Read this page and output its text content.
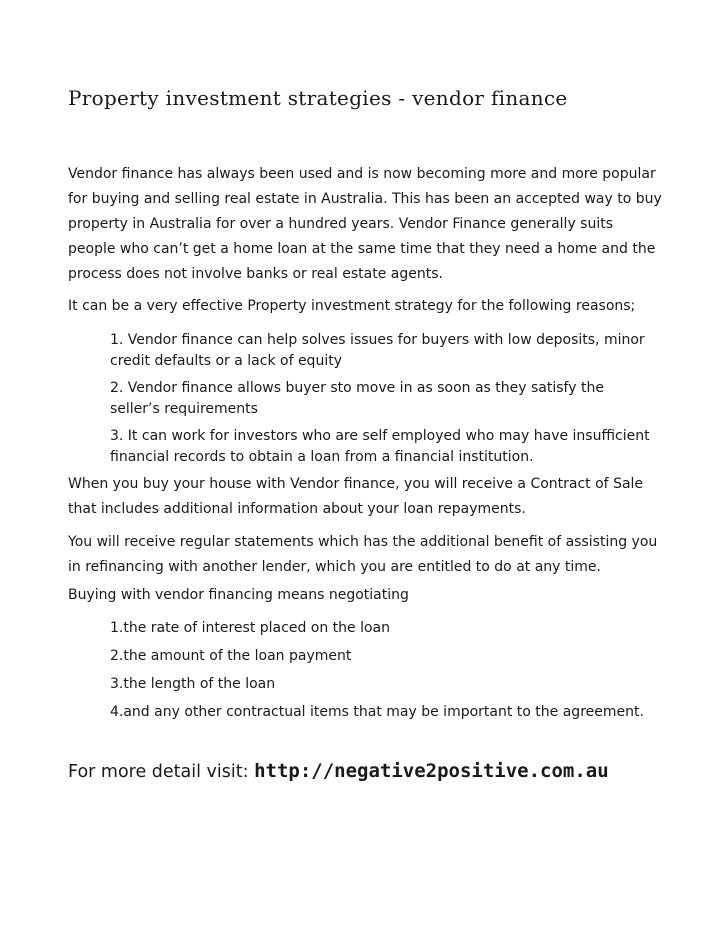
Property investment strategies - vendor finance

Vendor finance has always been used and is now becoming more and more popular for buying and selling real estate in Australia. This has been an accepted way to buy property in Australia for over a hundred years. Vendor Finance generally suits people who can’t get a home loan at the same time that they need a home and the process does not involve banks or real estate agents.

It can be a very effective Property investment strategy for the following reasons;

1. Vendor finance can help solves issues for buyers with low deposits, minor credit defaults or a lack of equity
2. Vendor finance allows buyer sto move in as soon as they satisfy the seller’s requirements
3. It can work for investors who are self employed who may have insufficient financial records to obtain a loan from a financial institution.

When you buy your house with Vendor finance, you will receive a Contract of Sale that includes additional information about your loan repayments.

You will receive regular statements which has the additional benefit of assisting you in refinancing with another lender, which you are entitled to do at any time.

Buying with vendor financing means negotiating

1.the rate of interest placed on the loan
2.the amount of the loan payment
3.the length of the loan
4.and any other contractual items that may be important to the agreement.
For more detail visit: http://negative2positive.com.au
